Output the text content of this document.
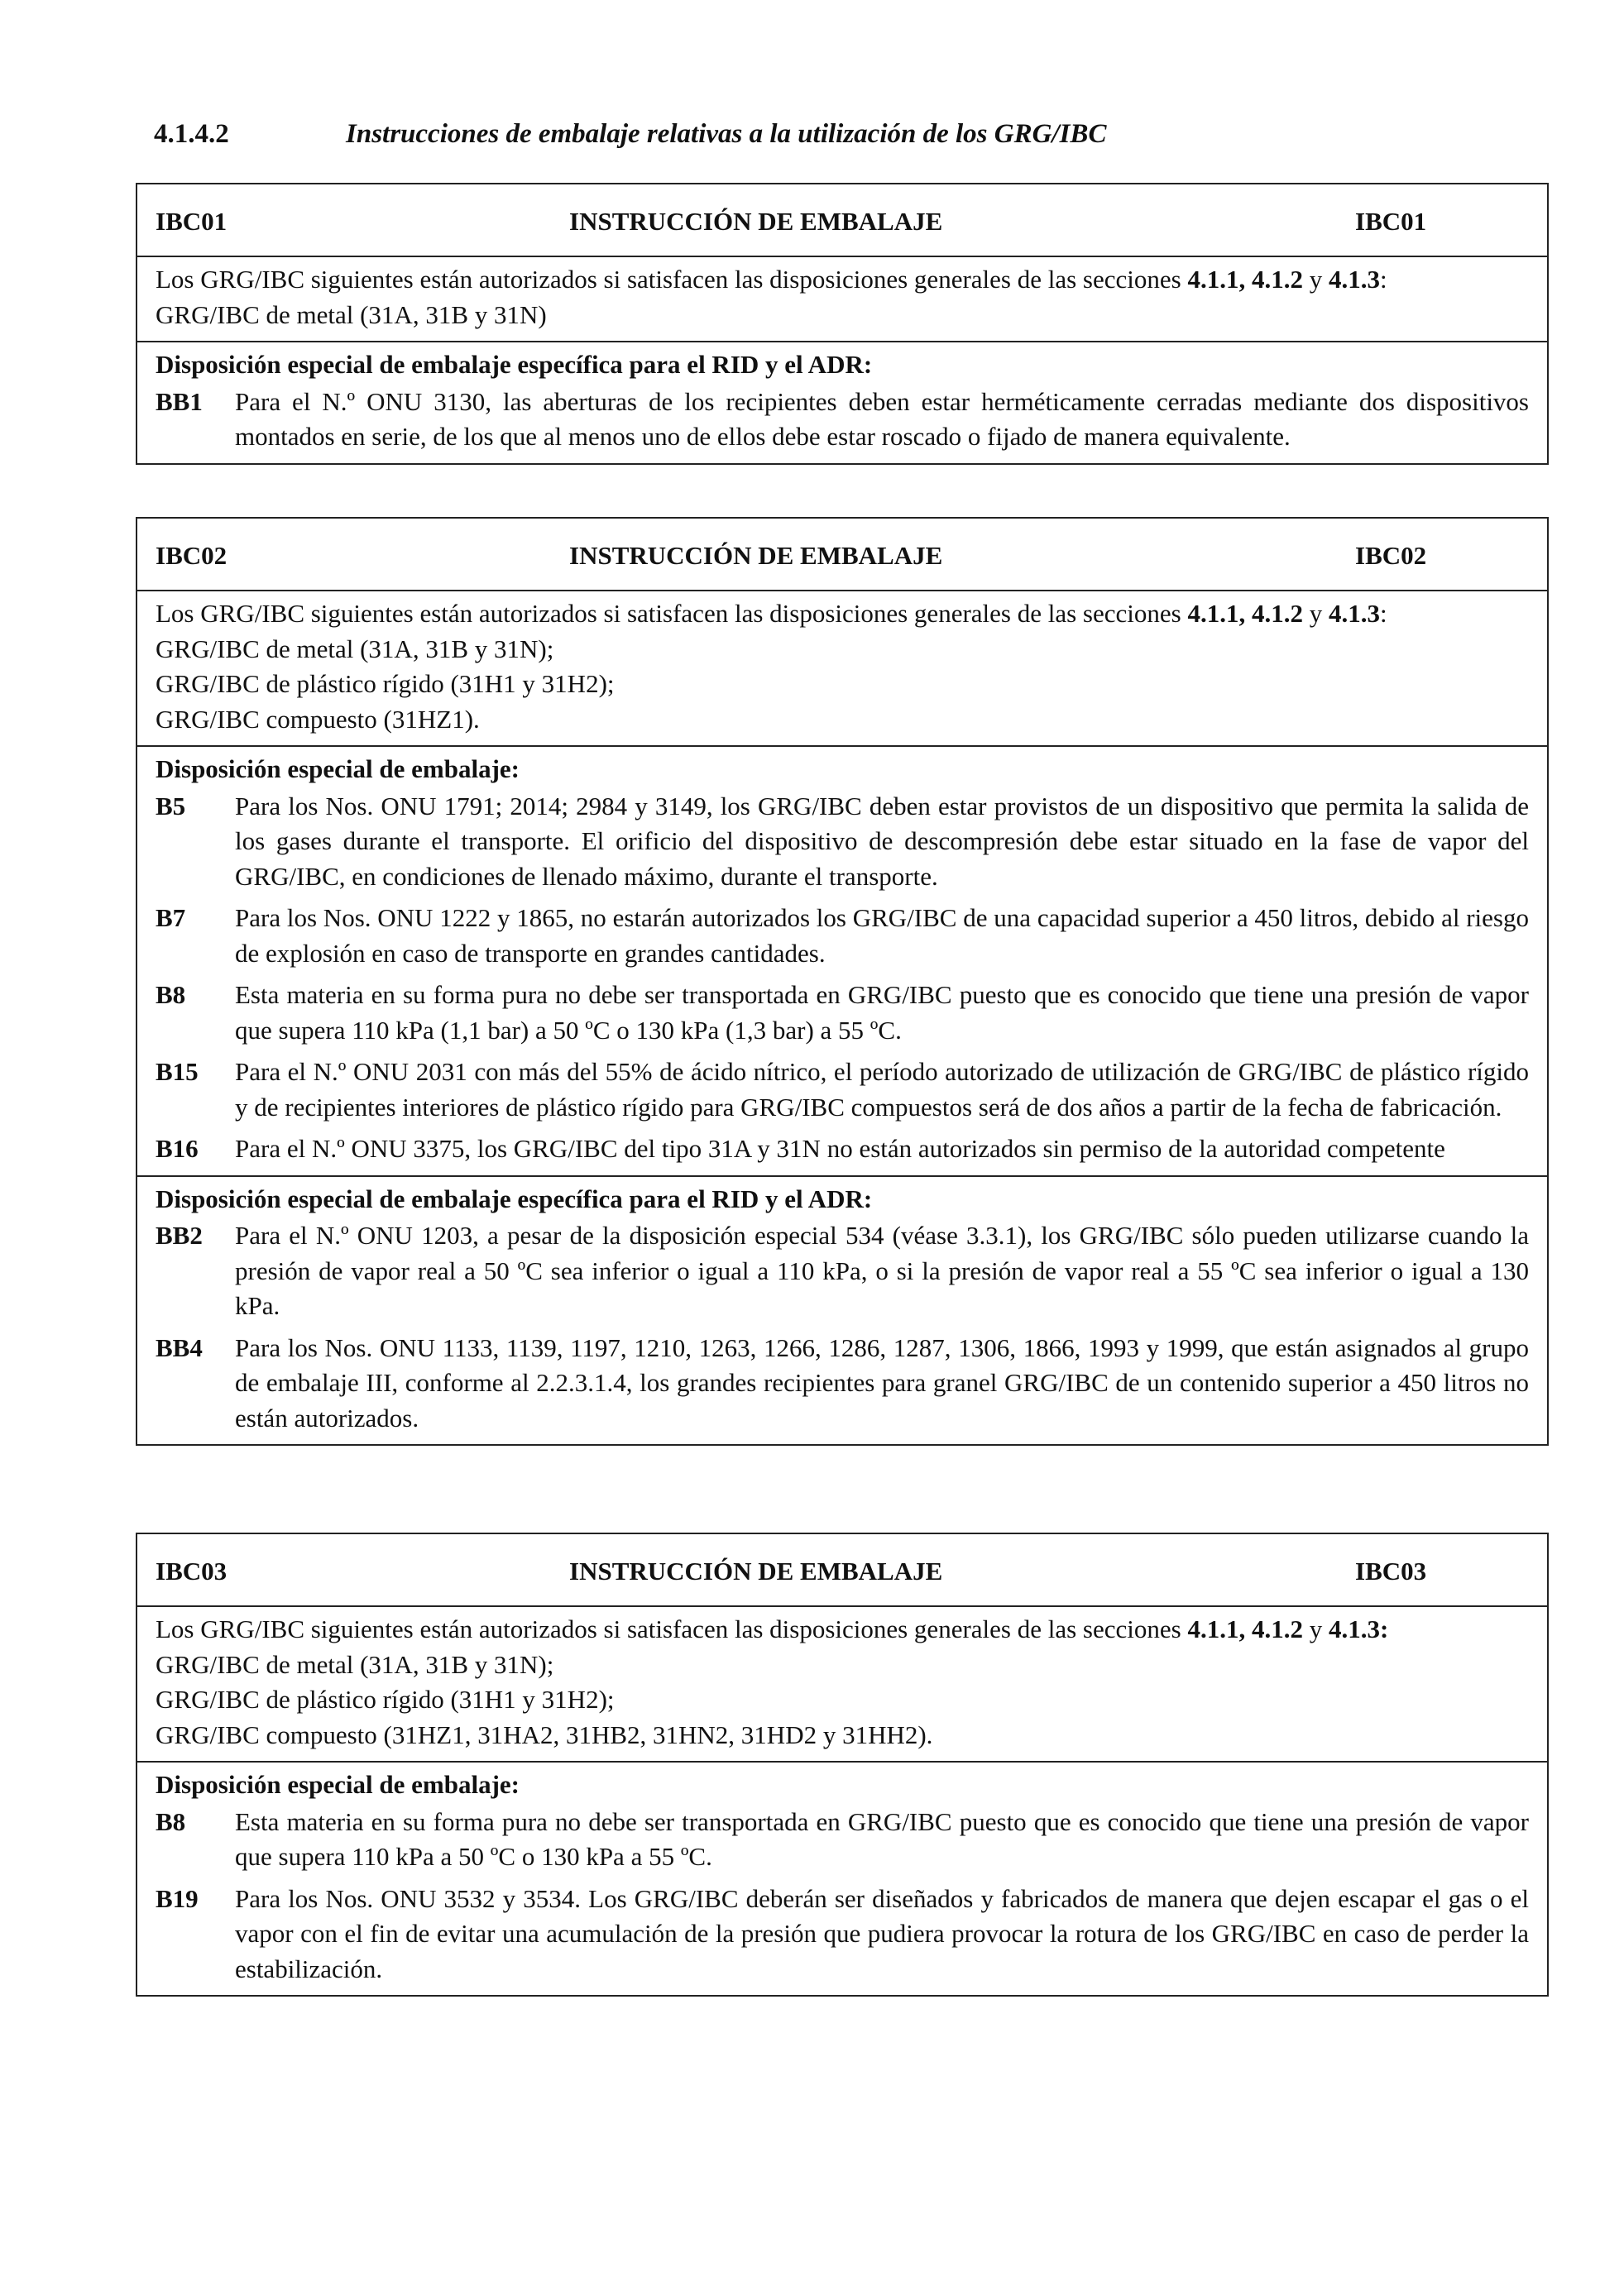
4.1.4.2	Instrucciones de embalaje relativas a la utilización de los GRG/IBC
IBC01	INSTRUCCIÓN DE EMBALAJE	IBC01
Los GRG/IBC siguientes están autorizados si satisfacen las disposiciones generales de las secciones 4.1.1, 4.1.2 y 4.1.3:
GRG/IBC de metal (31A, 31B y 31N)
Disposición especial de embalaje específica para el RID y el ADR:
BB1	Para el N.º ONU 3130, las aberturas de los recipientes deben estar herméticamente cerradas mediante dos dispositivos montados en serie, de los que al menos uno de ellos debe estar roscado o fijado de manera equivalente.
IBC02	INSTRUCCIÓN DE EMBALAJE	IBC02
Los GRG/IBC siguientes están autorizados si satisfacen las disposiciones generales de las secciones 4.1.1, 4.1.2 y 4.1.3:
GRG/IBC de metal (31A, 31B y 31N);
GRG/IBC de plástico rígido (31H1 y 31H2);
GRG/IBC compuesto (31HZ1).
Disposición especial de embalaje:
B5	Para los Nos. ONU 1791; 2014; 2984 y 3149, los GRG/IBC deben estar provistos de un dispositivo que permita la salida de los gases durante el transporte. El orificio del dispositivo de descompresión debe estar situado en la fase de vapor del GRG/IBC, en condiciones de llenado máximo, durante el transporte.
B7	Para los Nos. ONU 1222 y 1865, no estarán autorizados los GRG/IBC de una capacidad superior a 450 litros, debido al riesgo de explosión en caso de transporte en grandes cantidades.
B8	Esta materia en su forma pura no debe ser transportada en GRG/IBC puesto que es conocido que tiene una presión de vapor que supera 110 kPa (1,1 bar) a 50 ºC o 130 kPa (1,3 bar) a 55 ºC.
B15	Para el N.º ONU 2031 con más del 55% de ácido nítrico, el período autorizado de utilización de GRG/IBC de plástico rígido y de recipientes interiores de plástico rígido para GRG/IBC compuestos será de dos años a partir de la fecha de fabricación.
B16	Para el N.º ONU 3375, los GRG/IBC del tipo 31A y 31N no están autorizados sin permiso de la autoridad competente
Disposición especial de embalaje específica para el RID y el ADR:
BB2	Para el N.º ONU 1203, a pesar de la disposición especial 534 (véase 3.3.1), los GRG/IBC sólo pueden utilizarse cuando la presión de vapor real a 50 ºC sea inferior o igual a 110 kPa, o si la presión de vapor real a 55 ºC sea inferior o igual a 130 kPa.
BB4	Para los Nos. ONU 1133, 1139, 1197, 1210, 1263, 1266, 1286, 1287, 1306, 1866, 1993 y 1999, que están asignados al grupo de embalaje III, conforme al 2.2.3.1.4, los grandes recipientes para granel GRG/IBC de un contenido superior a 450 litros no están autorizados.
IBC03	INSTRUCCIÓN DE EMBALAJE	IBC03
Los GRG/IBC siguientes están autorizados si satisfacen las disposiciones generales de las secciones 4.1.1, 4.1.2 y 4.1.3:
GRG/IBC de metal (31A, 31B y 31N);
GRG/IBC de plástico rígido (31H1 y 31H2);
GRG/IBC compuesto (31HZ1, 31HA2, 31HB2, 31HN2, 31HD2 y 31HH2).
Disposición especial de embalaje:
B8	Esta materia en su forma pura no debe ser transportada en GRG/IBC puesto que es conocido que tiene una presión de vapor que supera 110 kPa a 50 ºC o 130 kPa a 55 ºC.
B19	Para los Nos. ONU 3532 y 3534. Los GRG/IBC deberán ser diseñados y fabricados de manera que dejen escapar el gas o el vapor con el fin de evitar una acumulación de la presión que pudiera provocar la rotura de los GRG/IBC en caso de perder la estabilización.
